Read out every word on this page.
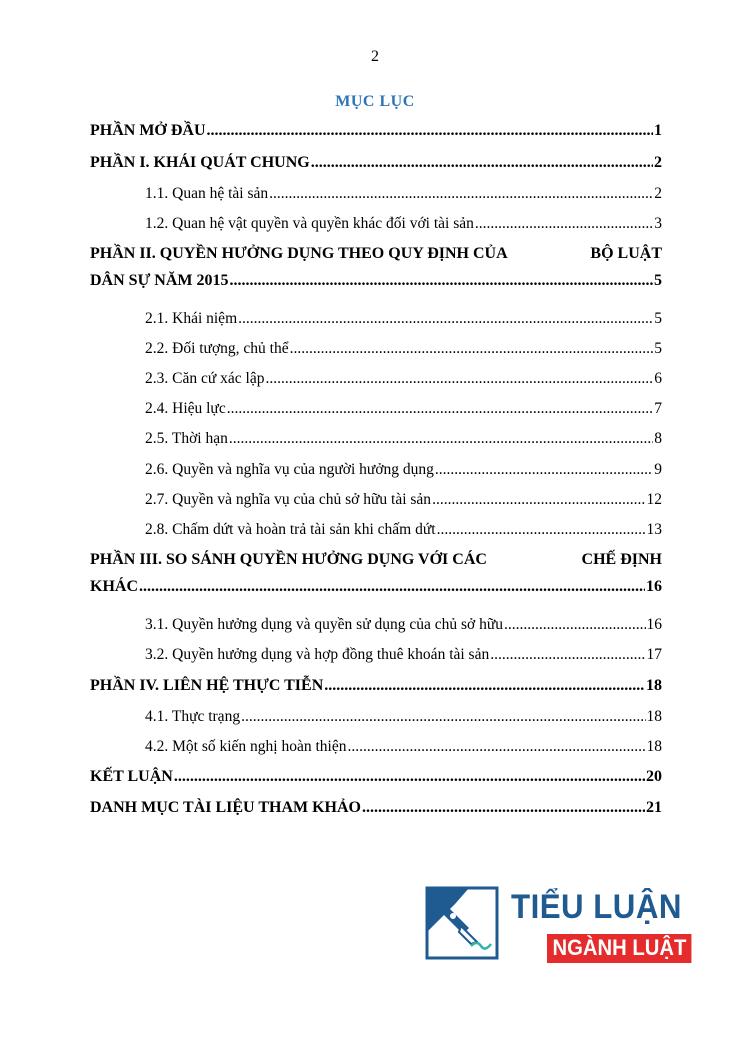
2
MỤC LỤC
PHẦN MỞ ĐẦU .....	1
PHẦN I. KHÁI QUÁT CHUNG .....	2
1.1. Quan hệ tài sản .....	2
1.2. Quan hệ vật quyền và quyền khác đối với tài sản .....	3
PHẦN II. QUYỀN HƯỞNG DỤNG THEO QUY ĐỊNH CỦA	BỘ LUẬT
DÂN SỰ NĂM 2015 .....	5
2.1. Khái niệm .....	5
2.2. Đối tượng, chủ thể .....	5
2.3. Căn cứ xác lập .....	6
2.4. Hiệu lực .....	7
2.5. Thời hạn .....	8
2.6. Quyền và nghĩa vụ của người hưởng dụng .....	9
2.7. Quyền và nghĩa vụ của chủ sở hữu tài sản .....	12
2.8. Chấm dứt và hoàn trả tài sản khi chấm dứt .....	13
PHẦN III. SO SÁNH QUYỀN HƯỞNG DỤNG VỚI CÁC	CHẾ ĐỊNH
KHÁC .....	16
3.1. Quyền hưởng dụng và quyền sử dụng của chủ sở hữu .....	16
3.2. Quyền hưởng dụng và hợp đồng thuê khoán tài sản .....	17
PHẦN IV. LIÊN HỆ THỰC TIỄN .....	18
4.1. Thực trạng .....	18
4.2. Một số kiến nghị hoàn thiện .....	18
KẾT LUẬN .....	20
DANH MỤC TÀI LIỆU THAM KHẢO .....	21
TIỂU LUẬN
NGÀNH LUẬT
